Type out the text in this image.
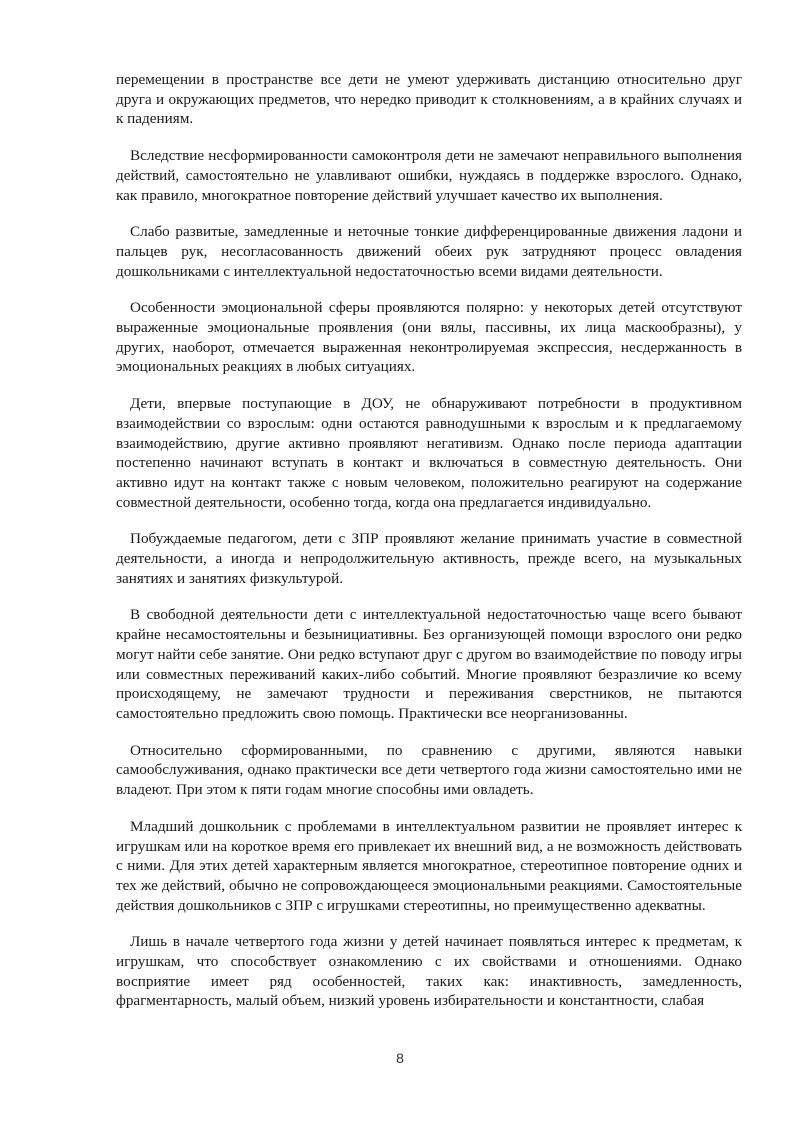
перемещении в пространстве все дети не умеют удерживать дистанцию относительно друг друга и окружающих предметов, что нередко приводит к столкновениям, а в крайних случаях и к падениям.

Вследствие несформированности самоконтроля дети не замечают неправильного выполнения действий, самостоятельно не улавливают ошибки, нуждаясь в поддержке взрослого. Однако, как правило, многократное повторение действий улучшает качество их выполнения.

Слабо развитые, замедленные и неточные тонкие дифференцированные движения ладони и пальцев рук, несогласованность движений обеих рук затрудняют процесс овладения дошкольниками с интеллектуальной недостаточностью всеми видами деятельности.

Особенности эмоциональной сферы проявляются полярно: у некоторых детей отсутствуют выраженные эмоциональные проявления (они вялы, пассивны, их лица маскообразны), у других, наоборот, отмечается выраженная неконтролируемая экспрессия, несдержанность в эмоциональных реакциях в любых ситуациях.

Дети, впервые поступающие в ДОУ, не обнаруживают потребности в продуктивном взаимодействии со взрослым: одни остаются равнодушными к взрослым и к предлагаемому взаимодействию, другие активно проявляют негативизм. Однако после периода адаптации постепенно начинают вступать в контакт и включаться в совместную деятельность. Они активно идут на контакт также с новым человеком, положительно реагируют на содержание совместной деятельности, особенно тогда, когда она предлагается индивидуально.

Побуждаемые педагогом, дети с ЗПР проявляют желание принимать участие в совместной деятельности, а иногда и непродолжительную активность, прежде всего, на музыкальных занятиях и занятиях физкультурой.

В свободной деятельности дети с интеллектуальной недостаточностью чаще всего бывают крайне несамостоятельны и безынициативны. Без организующей помощи взрослого они редко могут найти себе занятие. Они редко вступают друг с другом во взаимодействие по поводу игры или совместных переживаний каких-либо событий. Многие проявляют безразличие ко всему происходящему, не замечают трудности и переживания сверстников, не пытаются самостоятельно предложить свою помощь. Практически все неорганизованны.

Относительно сформированными, по сравнению с другими, являются навыки самообслуживания, однако практически все дети четвертого года жизни самостоятельно ими не владеют. При этом к пяти годам многие способны ими овладеть.

Младший дошкольник с проблемами в интеллектуальном развитии не проявляет интерес к игрушкам или на короткое время его привлекает их внешний вид, а не возможность действовать с ними. Для этих детей характерным является многократное, стереотипное повторение одних и тех же действий, обычно не сопровождающееся эмоциональными реакциями. Самостоятельные действия дошкольников с ЗПР с игрушками стереотипны, но преимущественно адекватны.

Лишь в начале четвертого года жизни у детей начинает появляться интерес к предметам, к игрушкам, что способствует ознакомлению с их свойствами и отношениями. Однако восприятие имеет ряд особенностей, таких как: инактивность, замедленность, фрагментарность, малый объем, низкий уровень избирательности и константности, слабая

8
